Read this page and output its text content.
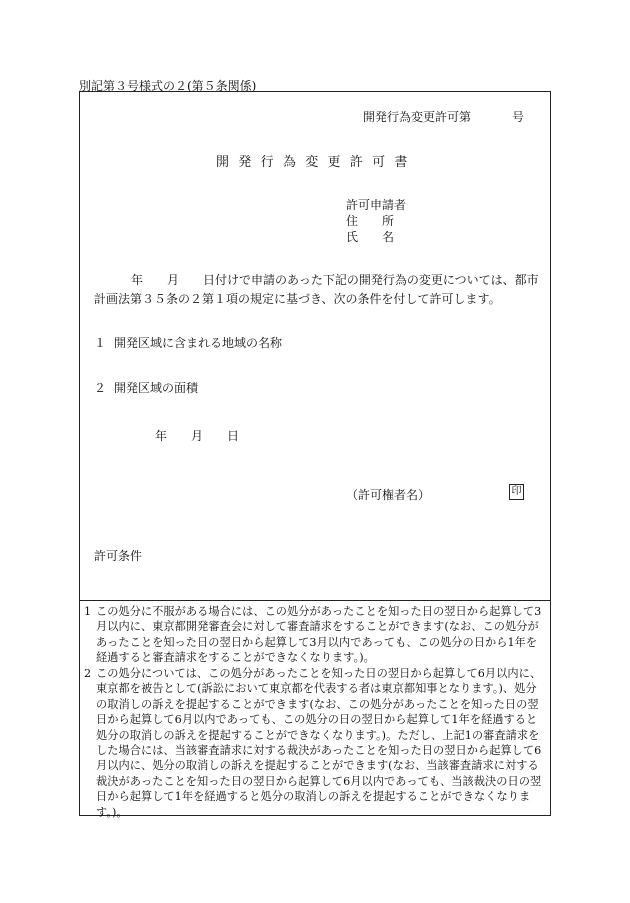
別記第３号様式の２(第５条関係)
開発行為変更許可第	号
開発行為変更許可書
許可申請者
住　　所
氏　　名
年　　月　　日付けで申請のあった下記の開発行為の変更については、都市計画法第３５条の２第１項の規定に基づき、次の条件を付して許可します。
１ 開発区域に含まれる地域の名称
２ 開発区域の面積
年　　月　　日
（許可権者名）	印
許可条件
1 この処分に不服がある場合には、この処分があったことを知った日の翌日から起算して3月以内に、東京都開発審査会に対して審査請求をすることができます(なお、この処分があったことを知った日の翌日から起算して3月以内であっても、この処分の日から1年を経過すると審査請求をすることができなくなります。)。
2 この処分については、この処分があったことを知った日の翌日から起算して6月以内に、東京都を被告として(訴訟において東京都を代表する者は東京都知事となります。)、処分の取消しの訴えを提起することができます(なお、この処分があったことを知った日の翌日から起算して6月以内であっても、この処分の日の翌日から起算して1年を経過すると処分の取消しの訴えを提起することができなくなります。)。ただし、上記1の審査請求をした場合には、当該審査請求に対する裁決があったことを知った日の翌日から起算して6月以内に、処分の取消しの訴えを提起することができます(なお、当該審査請求に対する裁決があったことを知った日の翌日から起算して6月以内であっても、当該裁決の日の翌日から起算して1年を経過すると処分の取消しの訴えを提起することができなくなります。)。
